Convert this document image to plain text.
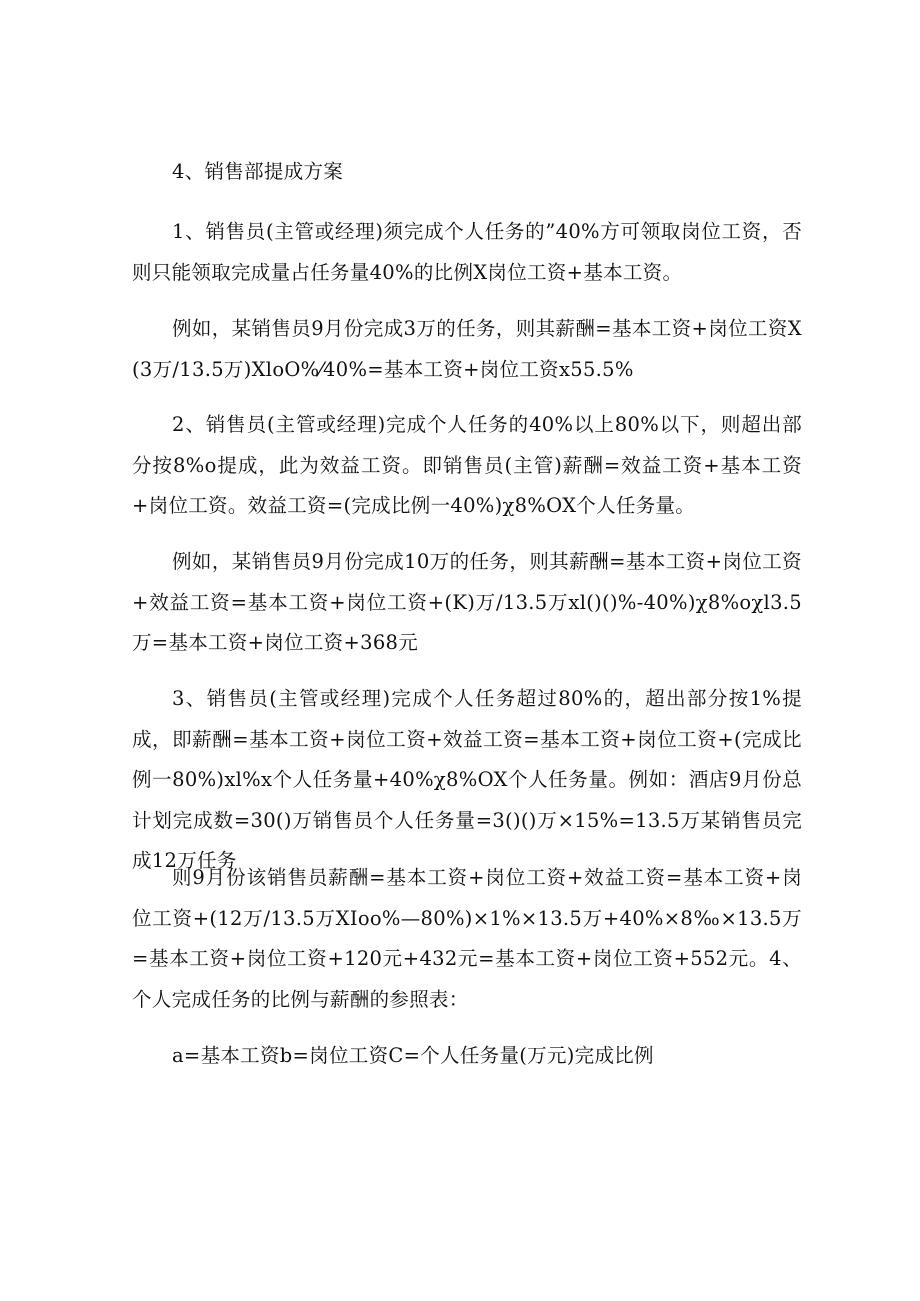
4、销售部提成方案

1、销售员(主管或经理)须完成个人任务的”40%方可领取岗位工资，否则只能领取完成量占任务量40%的比例X岗位工资+基本工资。

例如，某销售员9月份完成3万的任务，则其薪酬=基本工资+岗位工资X(3万/13.5万)XloO%⁄40%=基本工资+岗位工资x55.5%

2、销售员(主管或经理)完成个人任务的40%以上80%以下，则超出部分按8%o提成，此为效益工资。即销售员(主管)薪酬=效益工资+基本工资+岗位工资。效益工资=(完成比例一40%)χ8%OX个人任务量。

例如，某销售员9月份完成10万的任务，则其薪酬=基本工资+岗位工资+效益工资=基本工资+岗位工资+(K)万/13.5万xl()()%-40%)χ8%oχl3.5万=基本工资+岗位工资+368元

3、销售员(主管或经理)完成个人任务超过80%的，超出部分按1%提成，即薪酬=基本工资+岗位工资+效益工资=基本工资+岗位工资+(完成比例一80%)xl%x个人任务量+40%χ8%OX个人任务量。例如：酒店9月份总计划完成数=30()万销售员个人任务量=3()()万×15%=13.5万某销售员完成12万任务

则9月份该销售员薪酬=基本工资+岗位工资+效益工资=基本工资+岗位工资+(12万/13.5万XIoo%—80%)×1%×13.5万+40%×8‰×13.5万=基本工资+岗位工资+120元+432元=基本工资+岗位工资+552元。4、个人完成任务的比例与薪酬的参照表：

a=基本工资b=岗位工资C=个人任务量(万元)完成比例
